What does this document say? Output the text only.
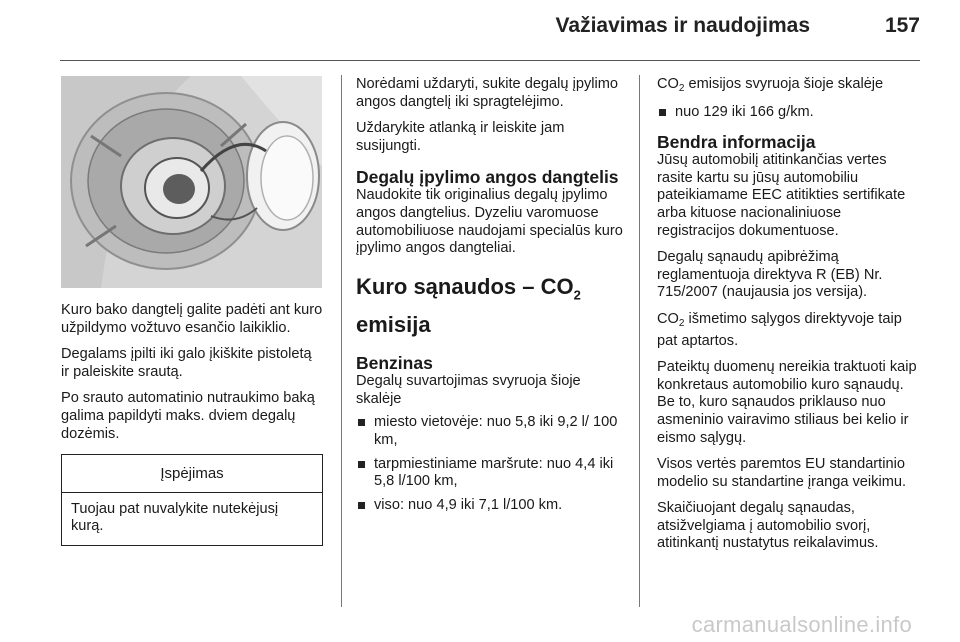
Važiavimas ir naudojimas	157

Kuro bako dangtelį galite padėti ant kuro užpildymo vožtuvo esančio laikiklio.

Degalams įpilti iki galo įkiškite pistoletą ir paleiskite srautą.

Po srauto automatinio nutraukimo baką galima papildyti maks. dviem degalų dozėmis.

Įspėjimas
Tuojau pat nuvalykite nutekėjusį kurą.

Norėdami uždaryti, sukite degalų įpylimo angos dangtelį iki spragtelėjimo.

Uždarykite atlanką ir leiskite jam susijungti.

Degalų įpylimo angos dangtelis

Naudokite tik originalius degalų įpylimo angos dangtelius. Dyzeliu varomuose automobiliuose naudojami specialūs kuro įpylimo angos dangteliai.

Kuro sąnaudos – $CO_2$
emisija
Benzinas

Degalų suvartojimas svyruoja šioje skalėje

miesto vietovėje: nuo 5,8 iki 9,2 l/ 100 km,
tarpmiestiniame maršrute: nuo 4,4 iki 5,8 l/100 km,
viso: nuo 4,9 iki 7,1 l/100 km.

$CO_2$ emisijos svyruoja šioje skalėje

nuo 129 iki 166 g/km.
Bendra informacija

Jūsų automobilį atitinkančias vertes rasite kartu su jūsų automobiliu pateikiamame EEC atitikties sertifikate arba kituose nacionaliniuose registracijos dokumentuose.

Degalų sąnaudų apibrėžimą reglamentuoja direktyva R (EB) Nr. 715/2007 (naujausia jos versija).

$CO_2$ išmetimo sąlygos direktyvoje taip pat aptartos.

Pateiktų duomenų nereikia traktuoti kaip konkretaus automobilio kuro sąnaudų. Be to, kuro sąnaudos priklauso nuo asmeninio vairavimo stiliaus bei kelio ir eismo sąlygų.

Visos vertės paremtos EU standartinio modelio su standartine įranga veikimu.

Skaičiuojant degalų sąnaudas, atsižvelgiama į automobilio svorį, atitinkantį nustatytus reikalavimus.

carmanualsonline.info
